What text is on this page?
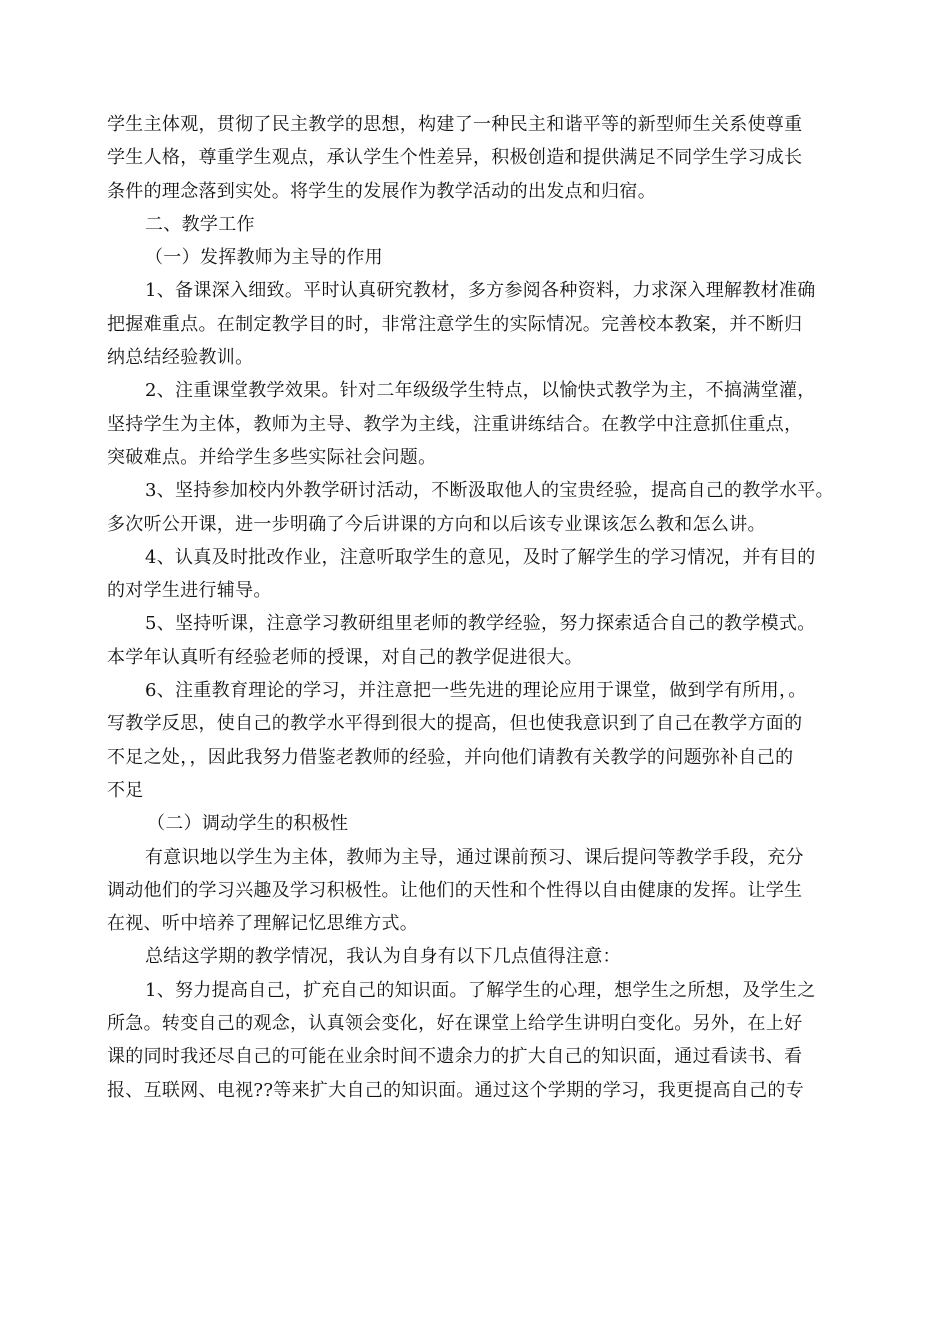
学生主体观，贯彻了民主教学的思想，构建了一种民主和谐平等的新型师生关系使尊重
学生人格，尊重学生观点，承认学生个性差异，积极创造和提供满足不同学生学习成长
条件的理念落到实处。将学生的发展作为教学活动的出发点和归宿。
二、教学工作
（一）发挥教师为主导的作用
1、备课深入细致。平时认真研究教材，多方参阅各种资料，力求深入理解教材准确
把握难重点。在制定教学目的时，非常注意学生的实际情况。完善校本教案，并不断归
纳总结经验教训。
2、注重课堂教学效果。针对二年级级学生特点，以愉快式教学为主，不搞满堂灌，
坚持学生为主体，教师为主导、教学为主线，注重讲练结合。在教学中注意抓住重点，
突破难点。并给学生多些实际社会问题。
3、坚持参加校内外教学研讨活动，不断汲取他人的宝贵经验，提高自己的教学水平。
多次听公开课，进一步明确了今后讲课的方向和以后该专业课该怎么教和怎么讲。
4、认真及时批改作业，注意听取学生的意见，及时了解学生的学习情况，并有目的
的对学生进行辅导。
5、坚持听课，注意学习教研组里老师的教学经验，努力探索适合自己的教学模式。
本学年认真听有经验老师的授课，对自己的教学促进很大。
6、注重教育理论的学习，并注意把一些先进的理论应用于课堂，做到学有所用，。
写教学反思，使自己的教学水平得到很大的提高，但也使我意识到了自己在教学方面的
不足之处，，因此我努力借鉴老教师的经验，并向他们请教有关教学的问题弥补自己的
不足
（二）调动学生的积极性
有意识地以学生为主体，教师为主导，通过课前预习、课后提问等教学手段，充分
调动他们的学习兴趣及学习积极性。让他们的天性和个性得以自由健康的发挥。让学生
在视、听中培养了理解记忆思维方式。
总结这学期的教学情况，我认为自身有以下几点值得注意：
1、努力提高自己，扩充自己的知识面。了解学生的心理，想学生之所想，及学生之
所急。转变自己的观念，认真领会变化，好在课堂上给学生讲明白变化。另外，在上好
课的同时我还尽自己的可能在业余时间不遗余力的扩大自己的知识面，通过看读书、看
报、互联网、电视??等来扩大自己的知识面。通过这个学期的学习，我更提高自己的专
